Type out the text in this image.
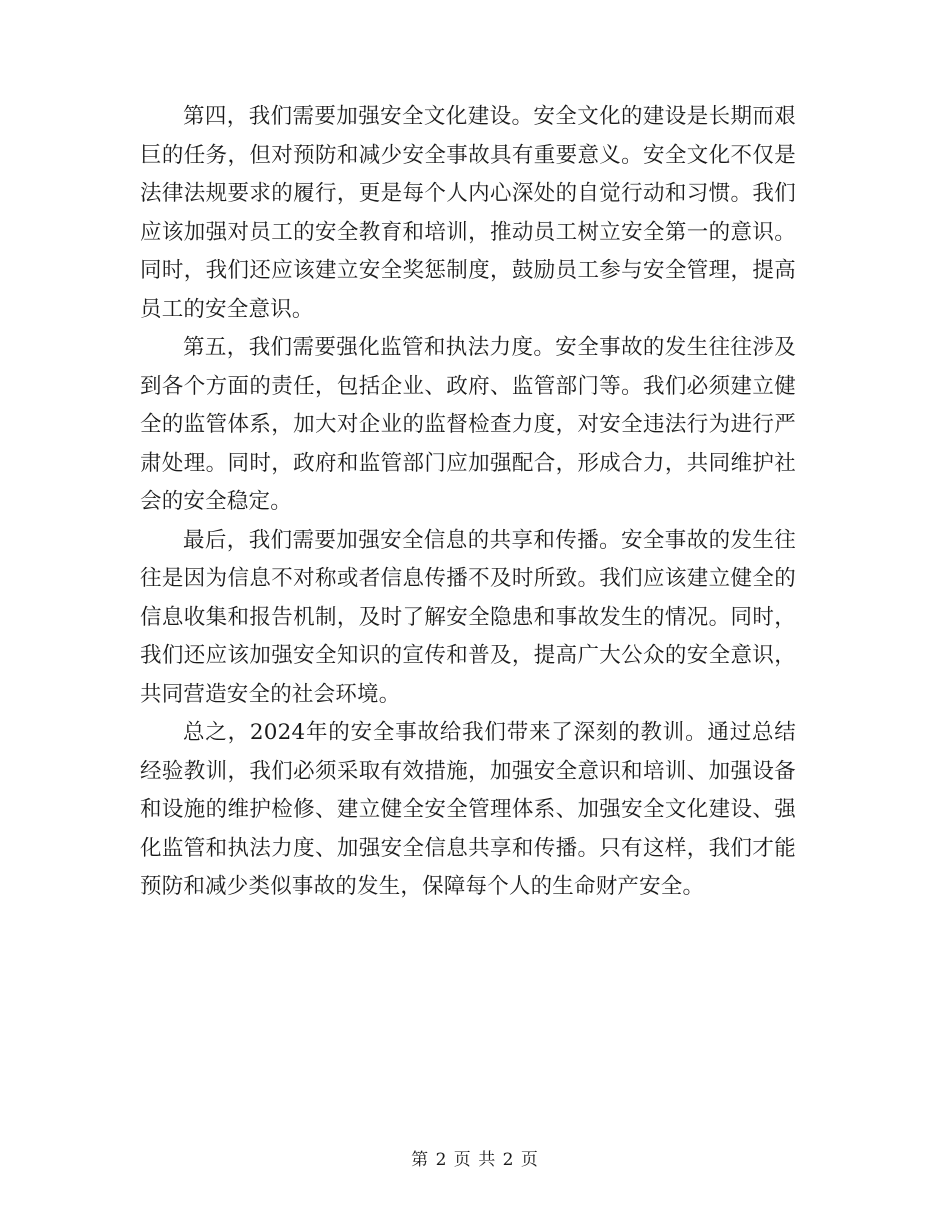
第四，我们需要加强安全文化建设。安全文化的建设是长期而艰巨的任务，但对预防和减少安全事故具有重要意义。安全文化不仅是法律法规要求的履行，更是每个人内心深处的自觉行动和习惯。我们应该加强对员工的安全教育和培训，推动员工树立安全第一的意识。同时，我们还应该建立安全奖惩制度，鼓励员工参与安全管理，提高员工的安全意识。

第五，我们需要强化监管和执法力度。安全事故的发生往往涉及到各个方面的责任，包括企业、政府、监管部门等。我们必须建立健全的监管体系，加大对企业的监督检查力度，对安全违法行为进行严肃处理。同时，政府和监管部门应加强配合，形成合力，共同维护社会的安全稳定。

最后，我们需要加强安全信息的共享和传播。安全事故的发生往往是因为信息不对称或者信息传播不及时所致。我们应该建立健全的信息收集和报告机制，及时了解安全隐患和事故发生的情况。同时，我们还应该加强安全知识的宣传和普及，提高广大公众的安全意识，共同营造安全的社会环境。

总之，2024年的安全事故给我们带来了深刻的教训。通过总结经验教训，我们必须采取有效措施，加强安全意识和培训、加强设备和设施的维护检修、建立健全安全管理体系、加强安全文化建设、强化监管和执法力度、加强安全信息共享和传播。只有这样，我们才能预防和减少类似事故的发生，保障每个人的生命财产安全。

第 2 页 共 2 页
